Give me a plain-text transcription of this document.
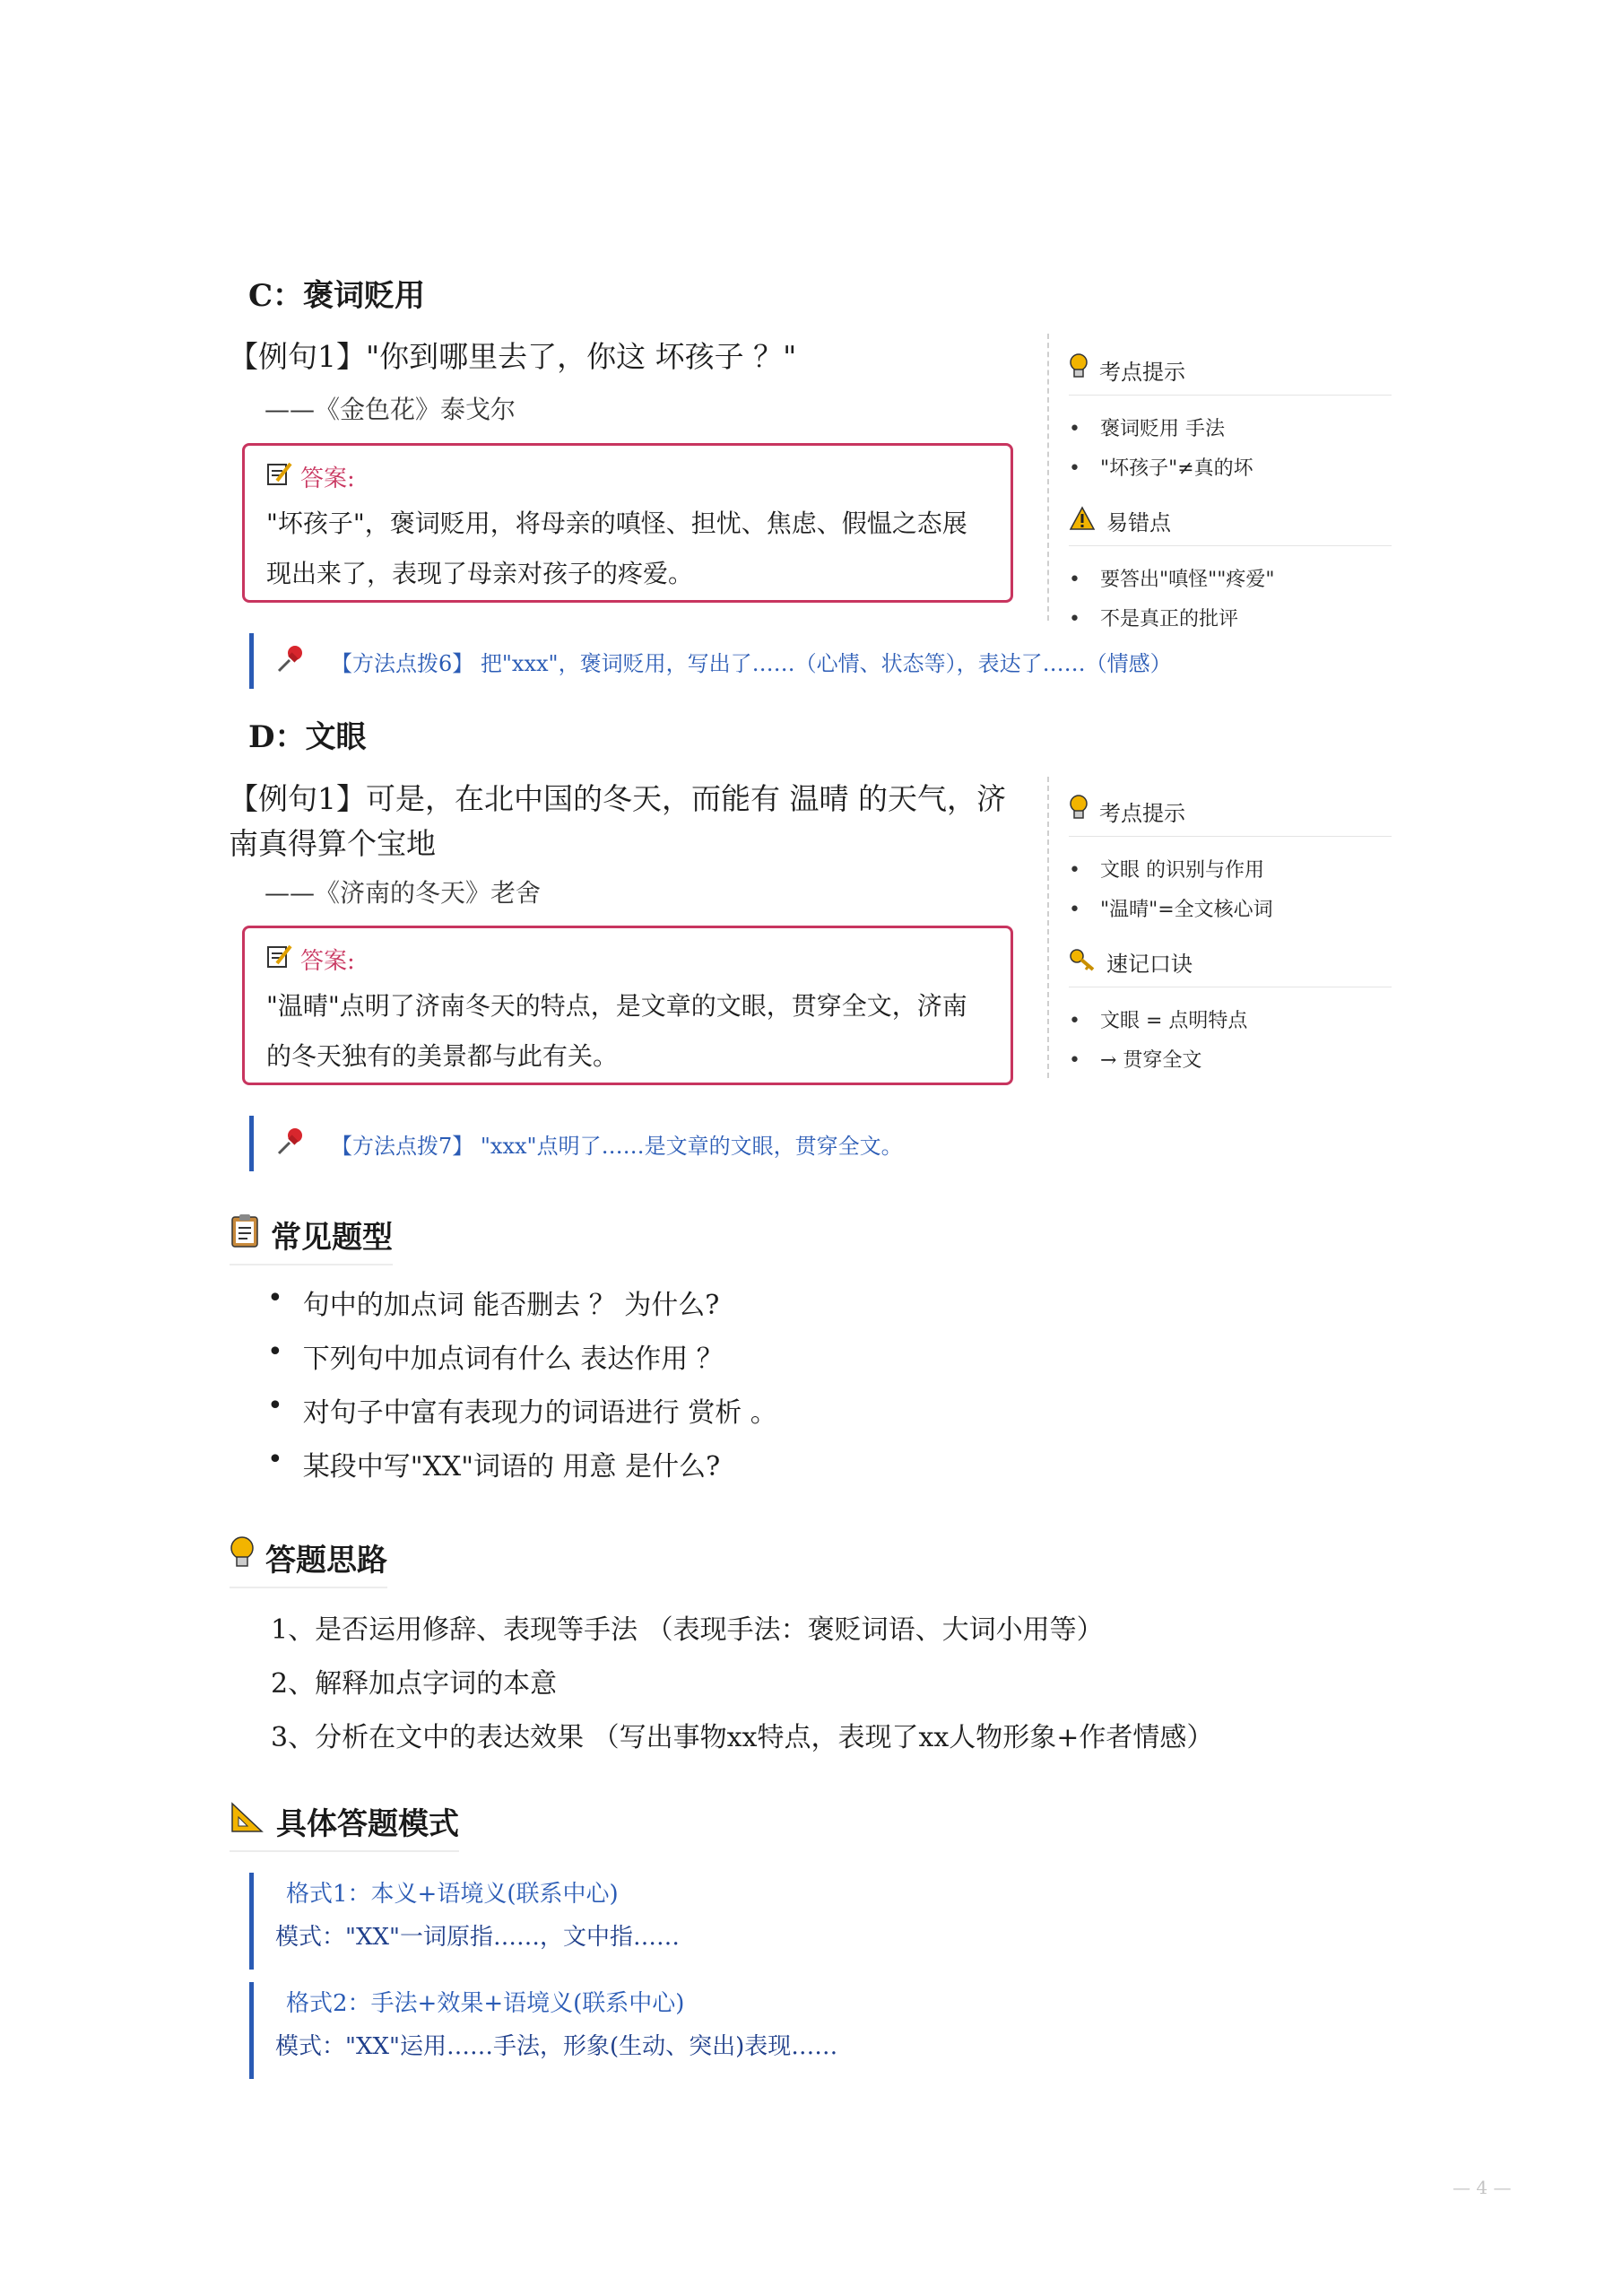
C：褒词贬用
【例句1】"你到哪里去了，你这 坏孩子 ？"
——《金色花》泰戈尔
答案:
"坏孩子"，褒词贬用，将母亲的嗔怪、担忧、焦虑、假愠之态展现出来了，表现了母亲对孩子的疼爱。
【方法点拨6】 把"xxx"，褒词贬用，写出了……（心情、状态等），表达了……（情感）
考点提示
• 褒词贬用 手法
• "坏孩子"≠真的坏
易错点
• 要答出"嗔怪""疼爱"
• 不是真正的批评
D：文眼
【例句1】可是，在北中国的冬天，而能有 温晴 的天气，济南真得算个宝地
——《济南的冬天》老舍
答案:
"温晴"点明了济南冬天的特点，是文章的文眼，贯穿全文，济南的冬天独有的美景都与此有关。
【方法点拨7】 "xxx"点明了……是文章的文眼，贯穿全文。
考点提示
• 文眼 的识别与作用
• "温晴"=全文核心词
速记口诀
• 文眼 = 点明特点
• → 贯穿全文
常见题型
• 句中的加点词 能否删去 ？ 为什么?
• 下列句中加点词有什么 表达作用 ？
• 对句子中富有表现力的词语进行 赏析 。
• 某段中写"XX"词语的 用意 是什么?
答题思路
1、是否运用修辞、表现等手法 （表现手法：褒贬词语、大词小用等）
2、解释加点字词的本意
3、分析在文中的表达效果 （写出事物xx特点，表现了xx人物形象+作者情感）
具体答题模式
格式1：本义+语境义(联系中心)
模式："XX"一词原指……，文中指……
格式2：手法+效果+语境义(联系中心)
模式："XX"运用……手法，形象(生动、突出)表现……
— 4 —
